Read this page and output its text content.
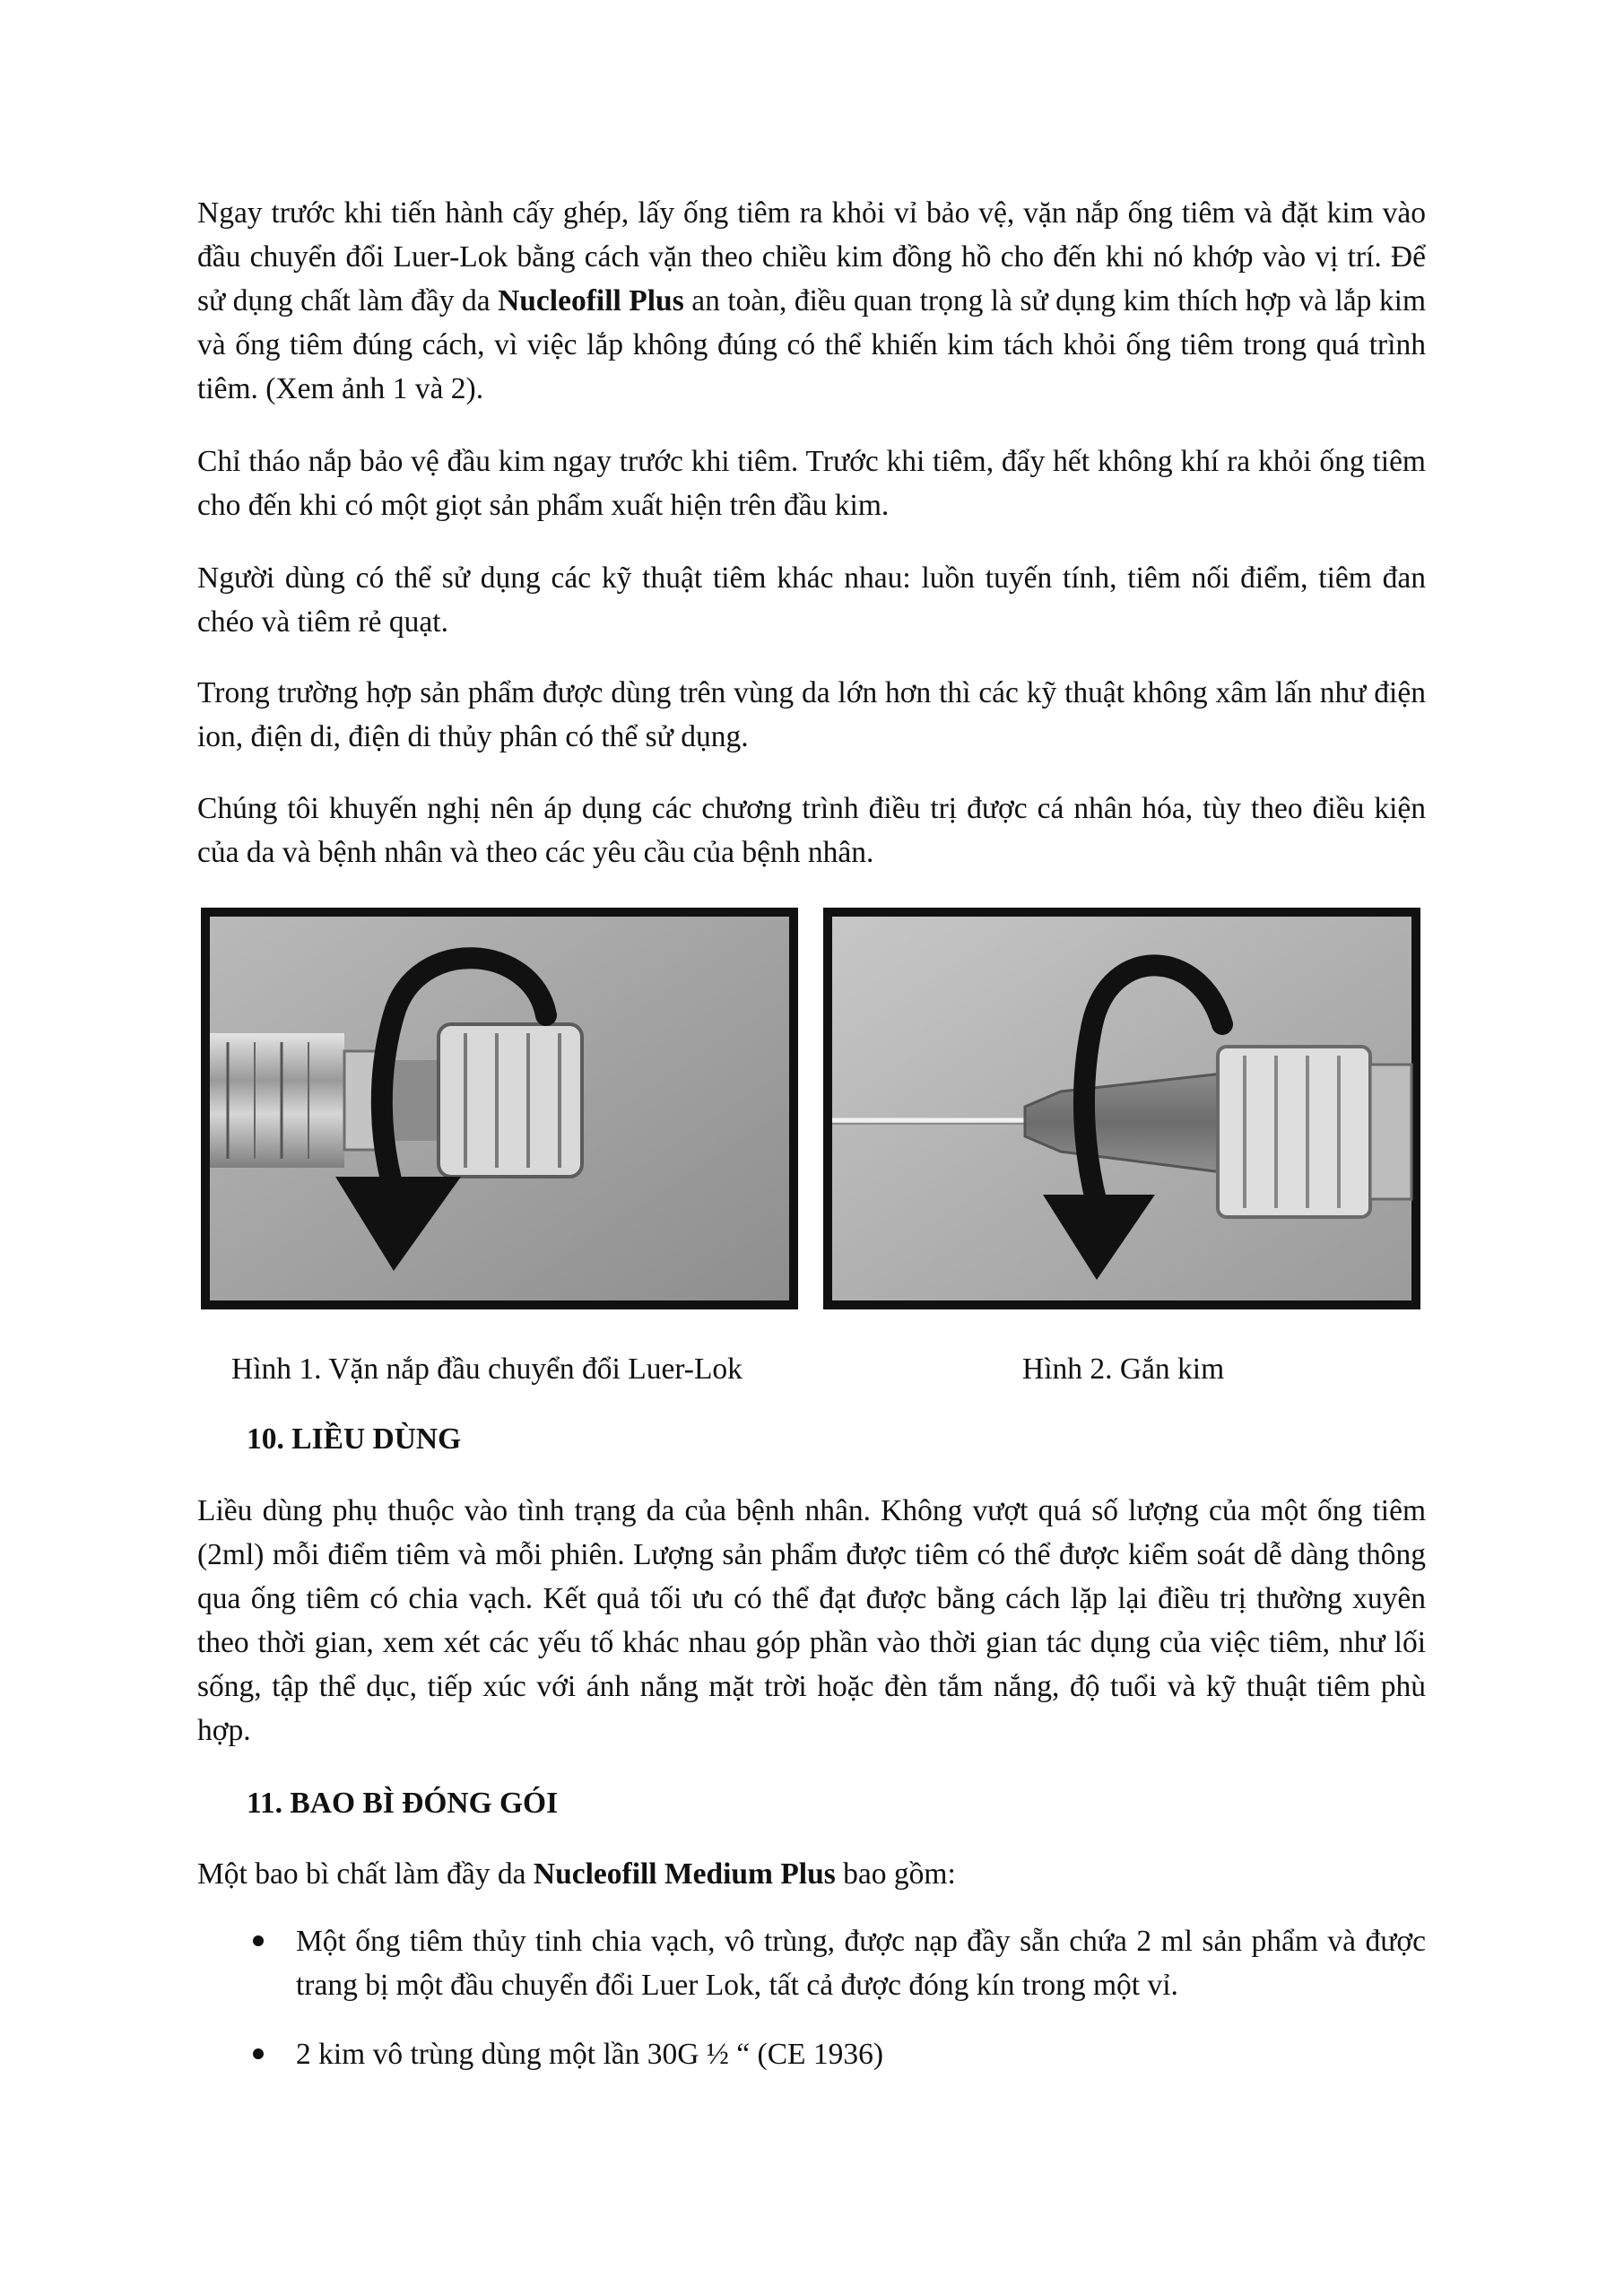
Ngay trước khi tiến hành cấy ghép, lấy ống tiêm ra khỏi vỉ bảo vệ, vặn nắp ống tiêm và đặt kim vào đầu chuyển đổi Luer-Lok bằng cách vặn theo chiều kim đồng hồ cho đến khi nó khớp vào vị trí. Để sử dụng chất làm đầy da Nucleofill Plus an toàn, điều quan trọng là sử dụng kim thích hợp và lắp kim và ống tiêm đúng cách, vì việc lắp không đúng có thể khiến kim tách khỏi ống tiêm trong quá trình tiêm. (Xem ảnh 1 và 2).

Chỉ tháo nắp bảo vệ đầu kim ngay trước khi tiêm. Trước khi tiêm, đẩy hết không khí ra khỏi ống tiêm cho đến khi có một giọt sản phẩm xuất hiện trên đầu kim.

Người dùng có thể sử dụng các kỹ thuật tiêm khác nhau: luồn tuyến tính, tiêm nối điểm, tiêm đan chéo và tiêm rẻ quạt.

Trong trường hợp sản phẩm được dùng trên vùng da lớn hơn thì các kỹ thuật không xâm lấn như điện ion, điện di, điện di thủy phân có thể sử dụng.

Chúng tôi khuyến nghị nên áp dụng các chương trình điều trị được cá nhân hóa, tùy theo điều kiện của da và bệnh nhân và theo các yêu cầu của bệnh nhân.

Hình 1. Vặn nắp đầu chuyển đổi Luer-Lok	Hình 2. Gắn kim
10. LIỀU DÙNG

Liều dùng phụ thuộc vào tình trạng da của bệnh nhân. Không vượt quá số lượng của một ống tiêm (2ml) mỗi điểm tiêm và mỗi phiên. Lượng sản phẩm được tiêm có thể được kiểm soát dễ dàng thông qua ống tiêm có chia vạch. Kết quả tối ưu có thể đạt được bằng cách lặp lại điều trị thường xuyên theo thời gian, xem xét các yếu tố khác nhau góp phần vào thời gian tác dụng của việc tiêm, như lối sống, tập thể dục, tiếp xúc với ánh nắng mặt trời hoặc đèn tắm nắng, độ tuổi và kỹ thuật tiêm phù hợp.

11. BAO BÌ ĐÓNG GÓI

Một bao bì chất làm đầy da Nucleofill Medium Plus bao gồm:

Một ống tiêm thủy tinh chia vạch, vô trùng, được nạp đầy sẵn chứa 2 ml sản phẩm và được trang bị một đầu chuyển đổi Luer Lok, tất cả được đóng kín trong một vỉ.
2 kim vô trùng dùng một lần 30G ½ “ (CE 1936)
